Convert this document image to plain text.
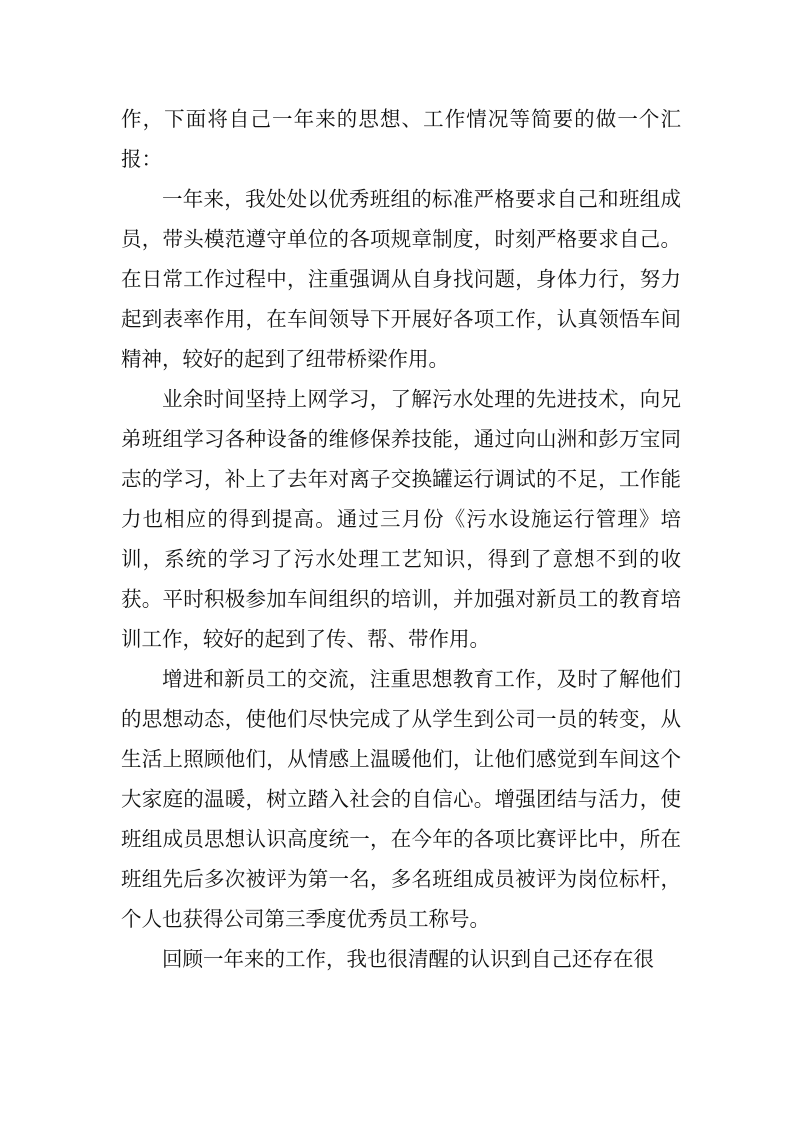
作，下面将自己一年来的思想、工作情况等简要的做一个汇报：

一年来，我处处以优秀班组的标准严格要求自己和班组成员，带头模范遵守单位的各项规章制度，时刻严格要求自己。在日常工作过程中，注重强调从自身找问题，身体力行，努力起到表率作用，在车间领导下开展好各项工作，认真领悟车间精神，较好的起到了纽带桥梁作用。

业余时间坚持上网学习，了解污水处理的先进技术，向兄弟班组学习各种设备的维修保养技能，通过向山洲和彭万宝同志的学习，补上了去年对离子交换罐运行调试的不足，工作能力也相应的得到提高。通过三月份《污水设施运行管理》培训，系统的学习了污水处理工艺知识，得到了意想不到的收获。平时积极参加车间组织的培训，并加强对新员工的教育培训工作，较好的起到了传、帮、带作用。

增进和新员工的交流，注重思想教育工作，及时了解他们的思想动态，使他们尽快完成了从学生到公司一员的转变，从生活上照顾他们，从情感上温暖他们，让他们感觉到车间这个大家庭的温暖，树立踏入社会的自信心。增强团结与活力，使班组成员思想认识高度统一，在今年的各项比赛评比中，所在班组先后多次被评为第一名，多名班组成员被评为岗位标杆，个人也获得公司第三季度优秀员工称号。

回顾一年来的工作，我也很清醒的认识到自己还存在很
